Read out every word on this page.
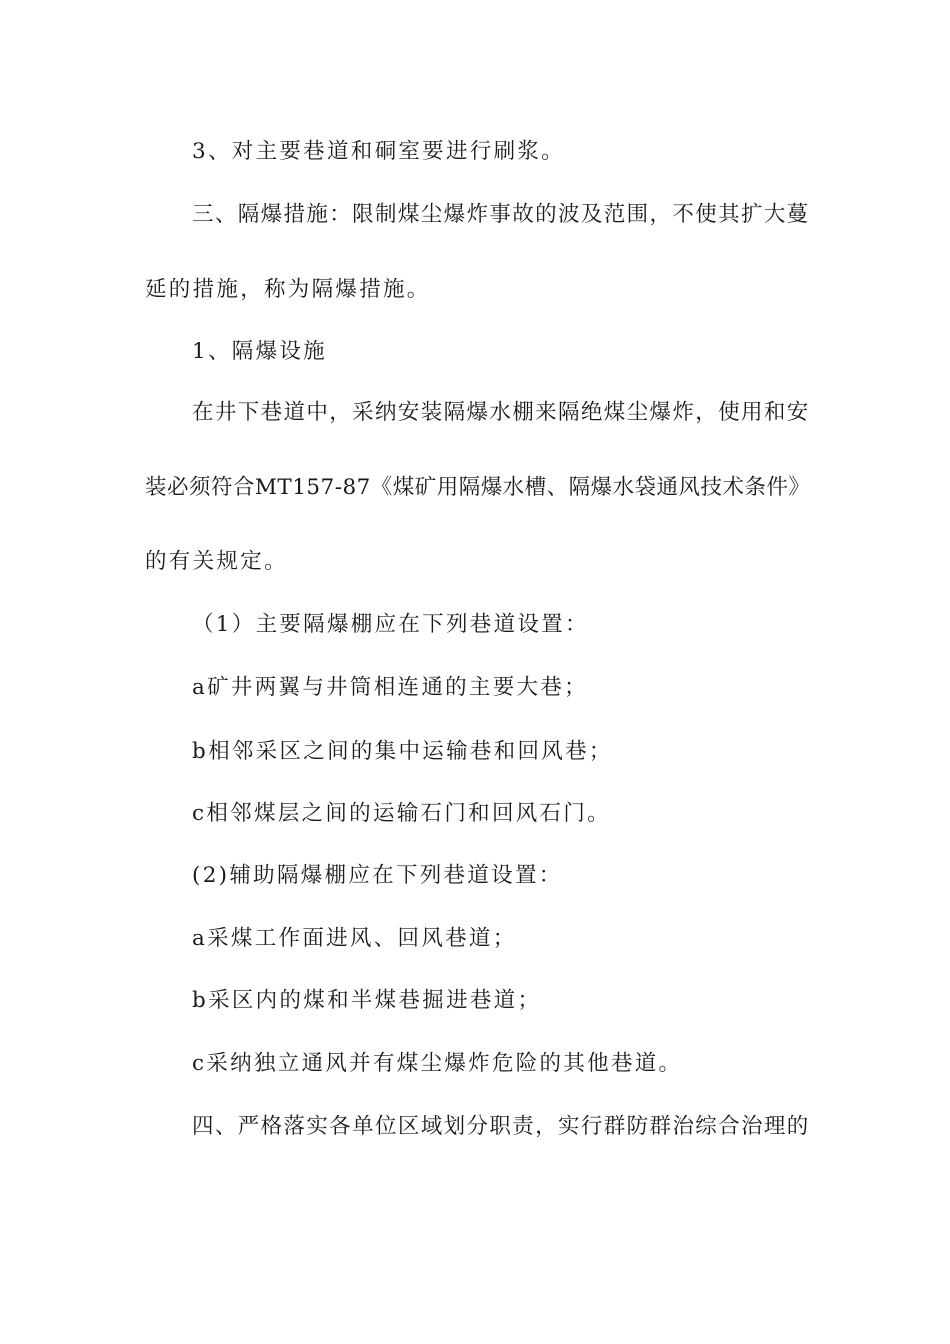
3、对主要巷道和硐室要进行刷浆。

三、隔爆措施：限制煤尘爆炸事故的波及范围，不使其扩大蔓

延的措施，称为隔爆措施。

1、隔爆设施

在井下巷道中，采纳安装隔爆水棚来隔绝煤尘爆炸，使用和安

装必须符合MT157-87《煤矿用隔爆水槽、隔爆水袋通风技术条件》

的有关规定。

（1）主要隔爆棚应在下列巷道设置：

a矿井两翼与井筒相连通的主要大巷；

b相邻采区之间的集中运输巷和回风巷；

c相邻煤层之间的运输石门和回风石门。

(2)辅助隔爆棚应在下列巷道设置：

a采煤工作面进风、回风巷道；

b采区内的煤和半煤巷掘进巷道；

c采纳独立通风并有煤尘爆炸危险的其他巷道。

四、严格落实各单位区域划分职责，实行群防群治综合治理的
